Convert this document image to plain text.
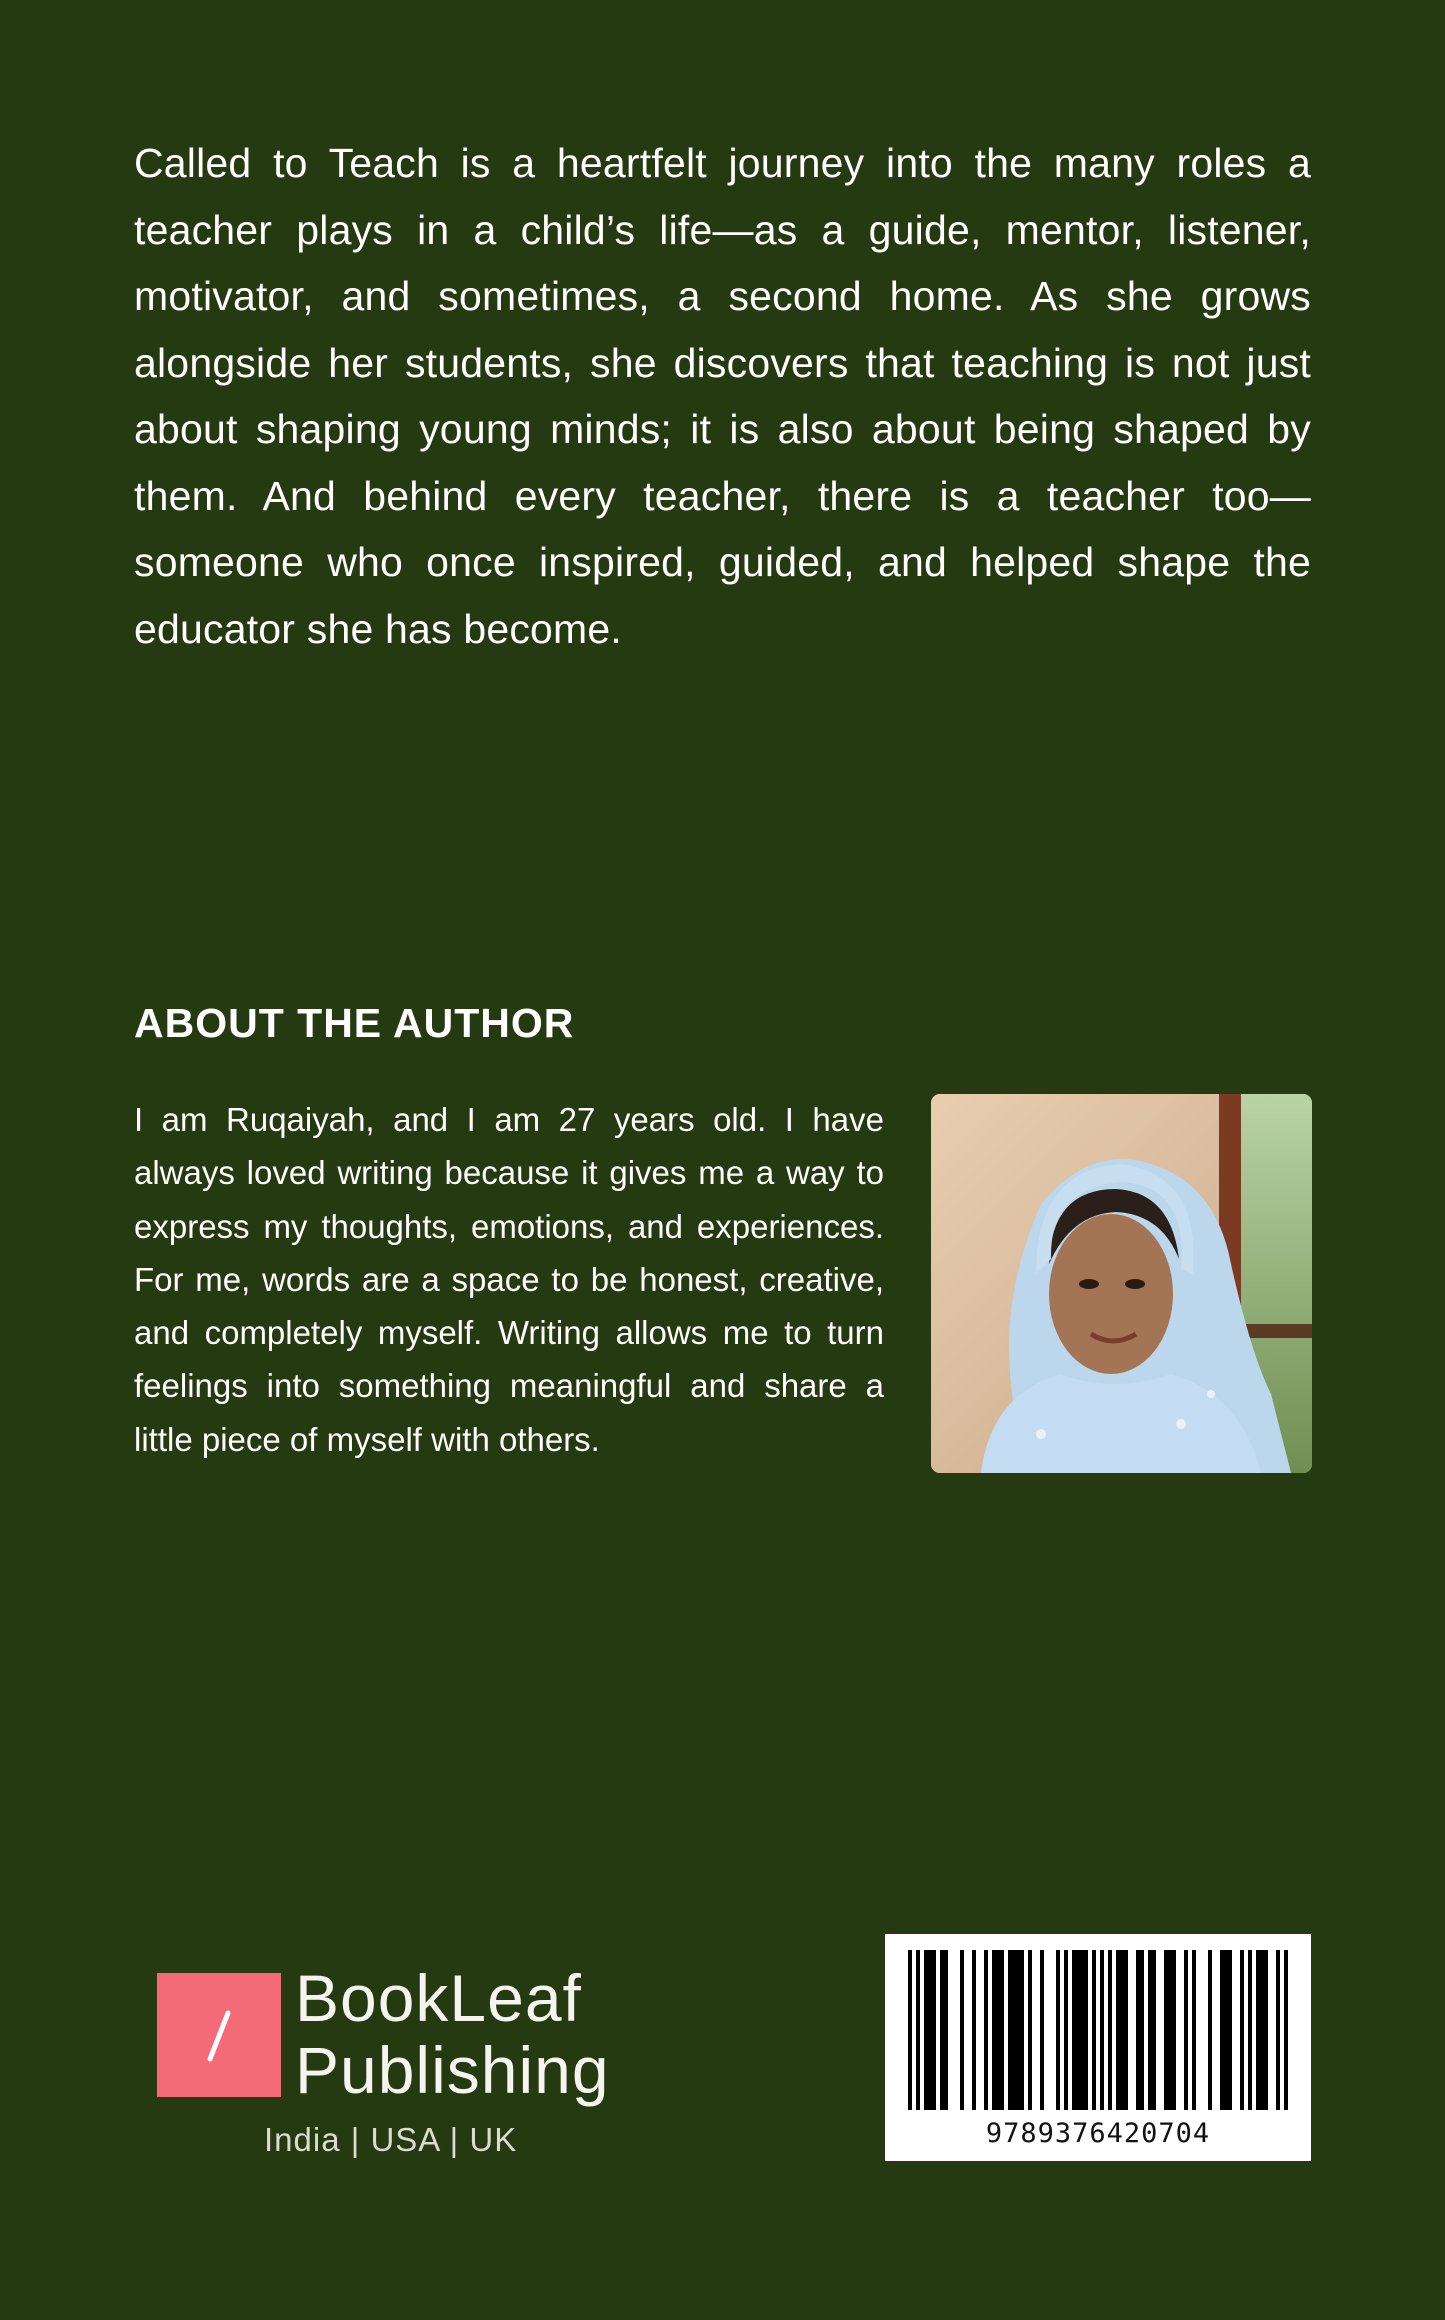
Called to Teach is a heartfelt journey into the many roles a teacher plays in a child’s life—as a guide, mentor, listener, motivator, and sometimes, a second home. As she grows alongside her students, she discovers that teaching is not just about shaping young minds; it is also about being shaped by them. And behind every teacher, there is a teacher too—someone who once inspired, guided, and helped shape the educator she has become.

ABOUT THE AUTHOR

I am Ruqaiyah, and I am 27 years old. I have always loved writing because it gives me a way to express my thoughts, emotions, and experiences. For me, words are a space to be honest, creative, and completely myself. Writing allows me to turn feelings into something meaningful and share a little piece of myself with others.

BookLeaf
Publishing

India | USA | UK	9789376420704
